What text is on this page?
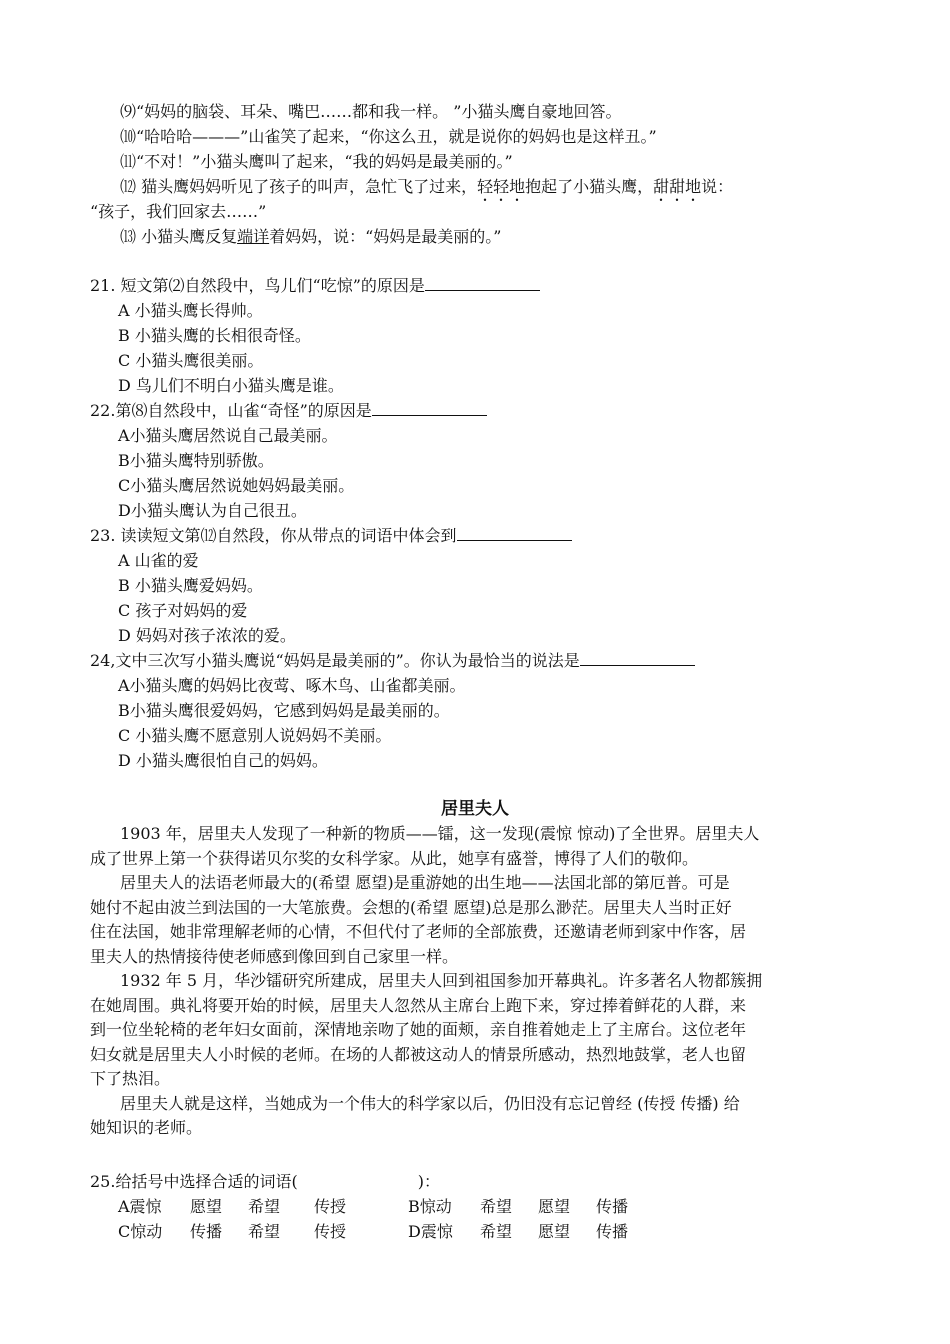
⑼“妈妈的脑袋、耳朵、嘴巴……都和我一样。 ”小猫头鹰自豪地回答。
⑽“哈哈哈———”山雀笑了起来，“你这么丑，就是说你的妈妈也是这样丑。”
⑾“不对！”小猫头鹰叫了起来，“我的妈妈是最美丽的。”
⑿ 猫头鹰妈妈听见了孩子的叫声，急忙飞了过来，轻轻地抱起了小猫头鹰，甜甜地说：
“孩子，我们回家去……”
⒀ 小猫头鹰反复端详着妈妈，说：“妈妈是最美丽的。”
21. 短文第⑵自然段中，鸟儿们“吃惊”的原因是
A 小猫头鹰长得帅。
B 小猫头鹰的长相很奇怪。
C 小猫头鹰很美丽。
D 鸟儿们不明白小猫头鹰是谁。
22.第⑻自然段中，山雀“奇怪”的原因是
A小猫头鹰居然说自己最美丽。
B小猫头鹰特别骄傲。
C小猫头鹰居然说她妈妈最美丽。
D小猫头鹰认为自己很丑。
23. 读读短文第⑿自然段，你从带点的词语中体会到
A 山雀的爱
B 小猫头鹰爱妈妈。
C 孩子对妈妈的爱
D 妈妈对孩子浓浓的爱。
24,文中三次写小猫头鹰说“妈妈是最美丽的”。你认为最恰当的说法是
A小猫头鹰的妈妈比夜莺、啄木鸟、山雀都美丽。
B小猫头鹰很爱妈妈，它感到妈妈是最美丽的。
C 小猫头鹰不愿意别人说妈妈不美丽。
D 小猫头鹰很怕自己的妈妈。
居里夫人
1903 年，居里夫人发现了一种新的物质——镭，这一发现(震惊 惊动)了全世界。居里夫人
成了世界上第一个获得诺贝尔奖的女科学家。从此，她享有盛誉，博得了人们的敬仰。
居里夫人的法语老师最大的(希望 愿望)是重游她的出生地——法国北部的第厄普。可是
她付不起由波兰到法国的一大笔旅费。会想的(希望 愿望)总是那么渺茫。居里夫人当时正好
住在法国，她非常理解老师的心情，不但代付了老师的全部旅费，还邀请老师到家中作客，居
里夫人的热情接待使老师感到像回到自己家里一样。
1932 年 5 月，华沙镭研究所建成，居里夫人回到祖国参加开幕典礼。许多著名人物都簇拥
在她周围。典礼将要开始的时候，居里夫人忽然从主席台上跑下来，穿过捧着鲜花的人群，来
到一位坐轮椅的老年妇女面前，深情地亲吻了她的面颊，亲自推着她走上了主席台。这位老年
妇女就是居里夫人小时候的老师。在场的人都被这动人的情景所感动，热烈地鼓掌，老人也留
下了热泪。
居里夫人就是这样，当她成为一个伟大的科学家以后，仍旧没有忘记曾经 (传授 传播) 给
她知识的老师。
25.给括号中选择合适的词语(	)：
A震惊 愿望 希望 传授	B惊动 希望 愿望 传播
C惊动 传播 希望 传授	D震惊 希望 愿望 传播
